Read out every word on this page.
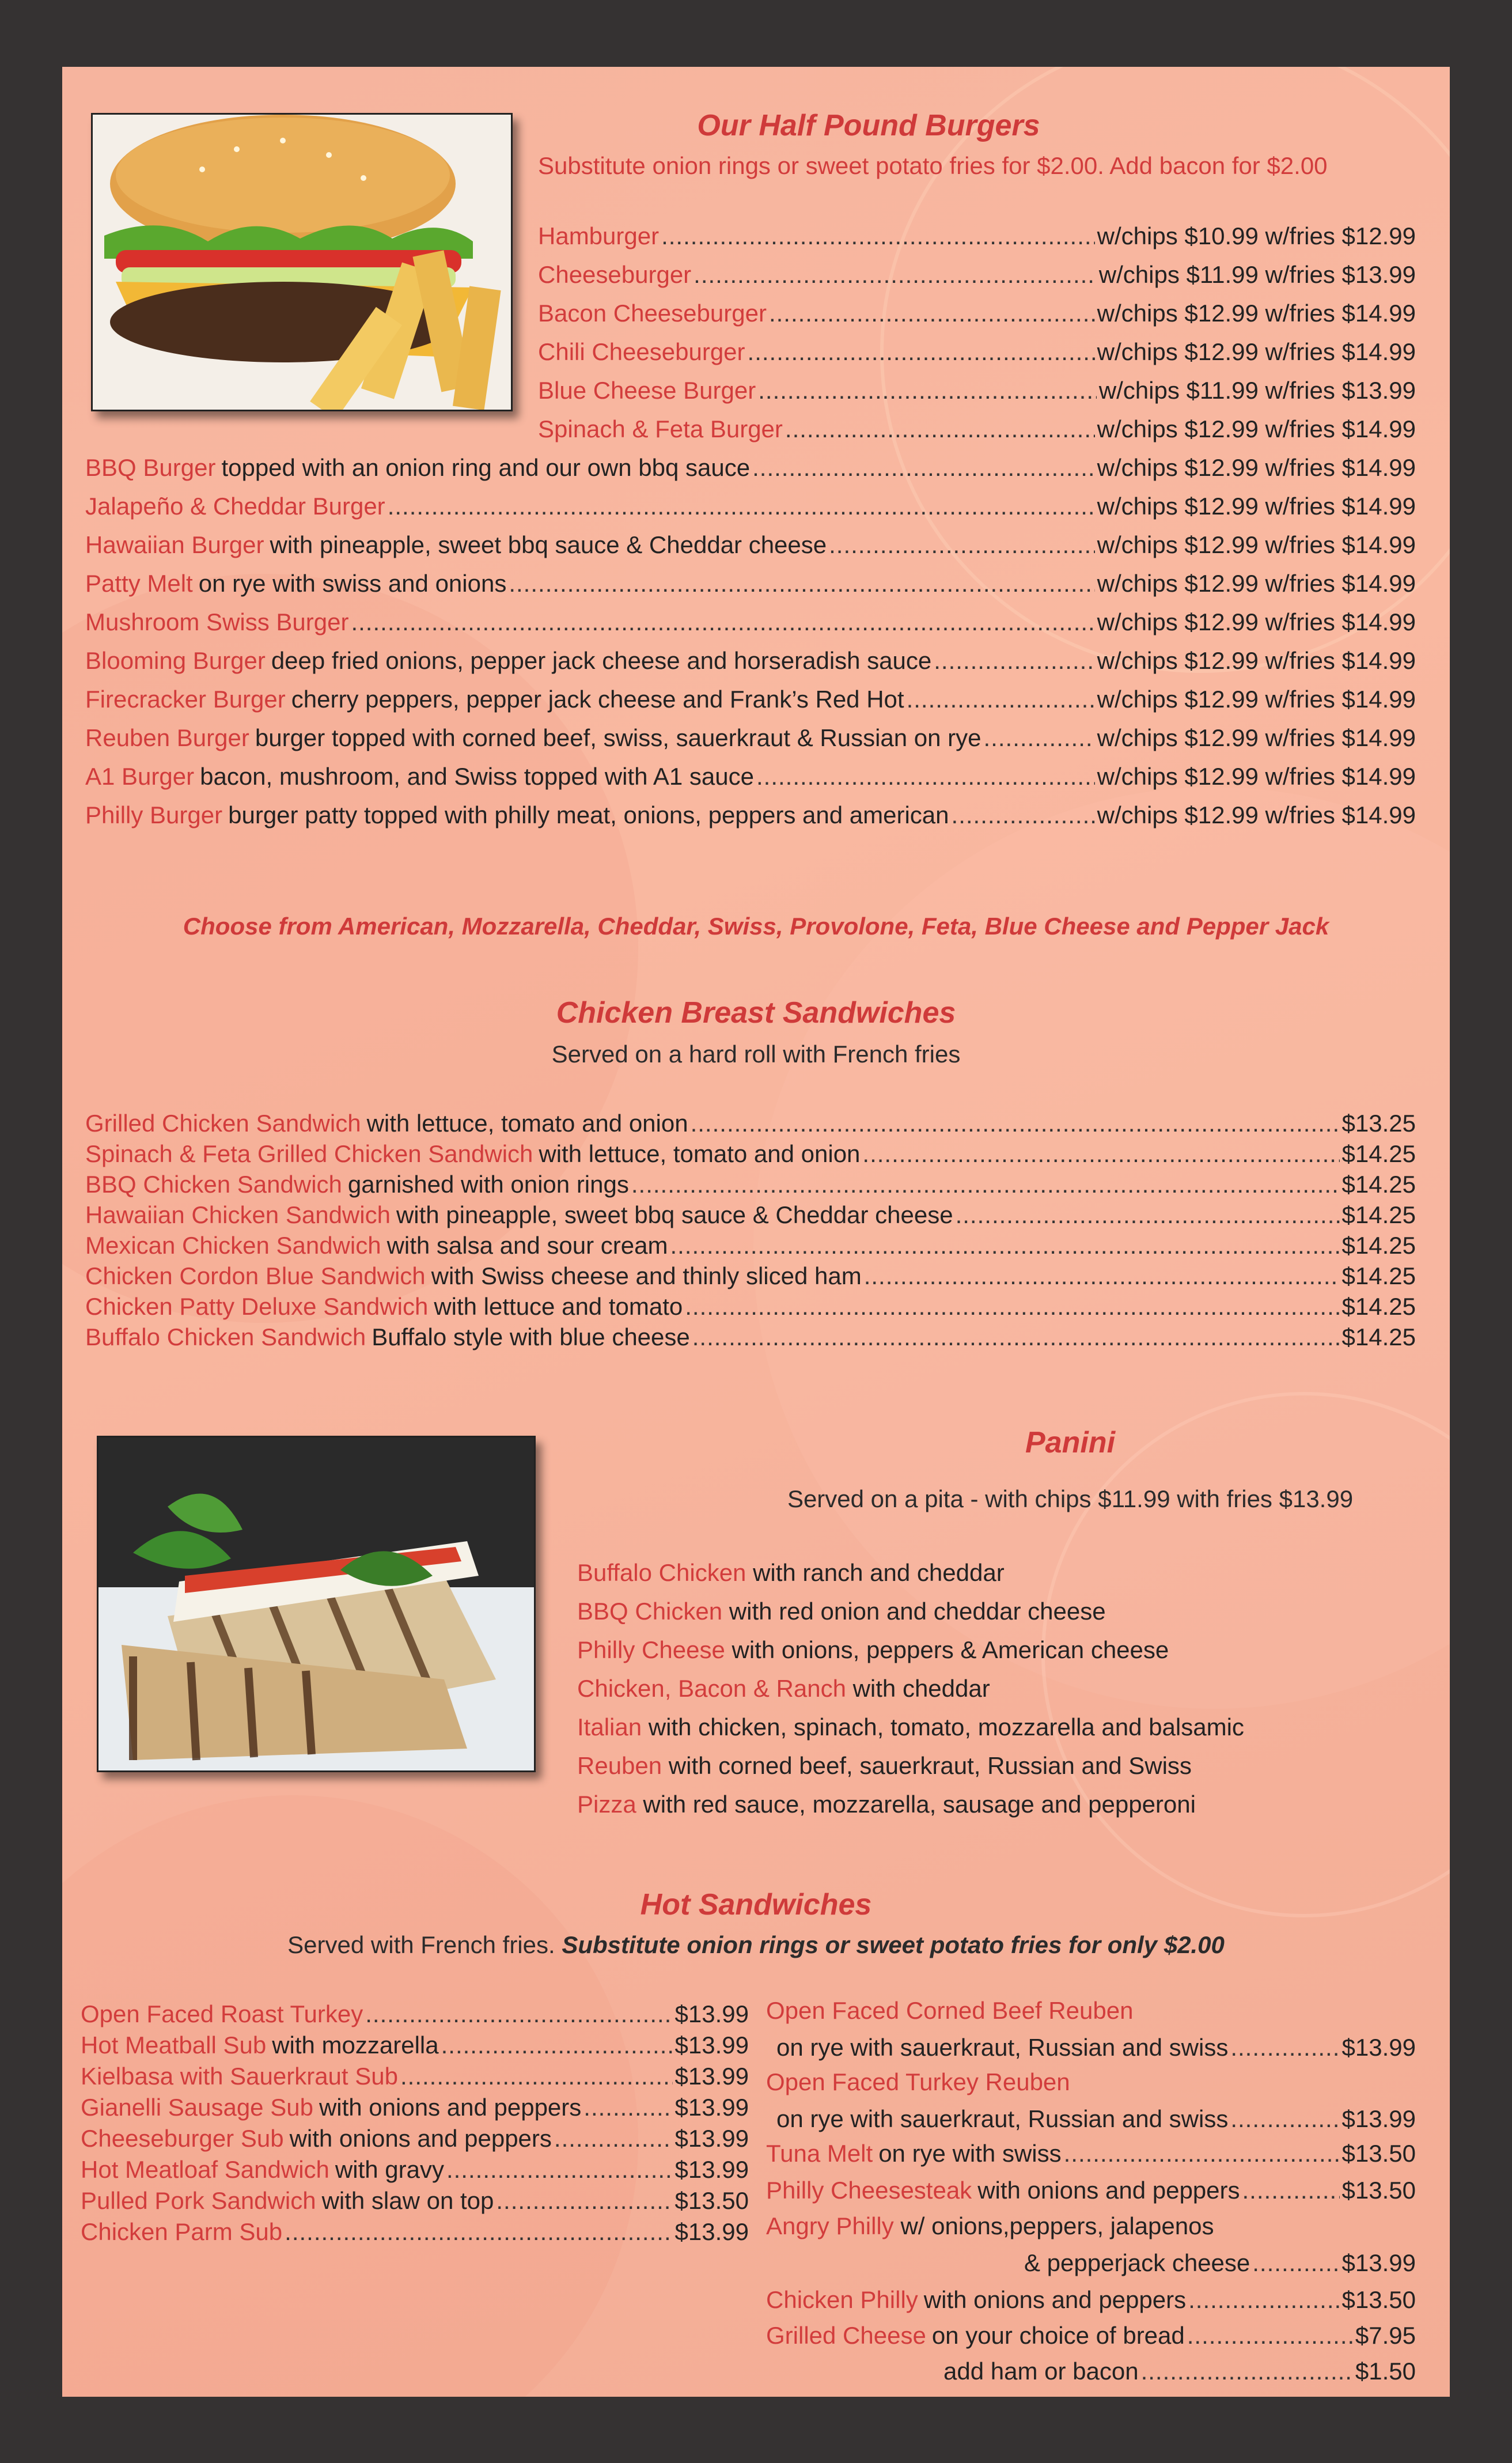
Our Half Pound Burgers
Substitute onion rings or sweet potato fries for $2.00. Add bacon for $2.00
Hamburger .....	w/chips $10.99 w/fries $12.99
Cheeseburger .....	w/chips $11.99 w/fries $13.99
Bacon Cheeseburger .....	w/chips $12.99 w/fries $14.99
Chili Cheeseburger .....	w/chips $12.99 w/fries $14.99
Blue Cheese Burger .....	w/chips $11.99 w/fries $13.99
Spinach & Feta Burger .....	w/chips $12.99 w/fries $14.99
BBQ Burger topped with an onion ring and our own bbq sauce .....	w/chips $12.99 w/fries $14.99
Jalapeño & Cheddar Burger .....	w/chips $12.99 w/fries $14.99
Hawaiian Burger with pineapple, sweet bbq sauce & Cheddar cheese .....	w/chips $12.99 w/fries $14.99
Patty Melt on rye with swiss and onions .....	w/chips $12.99 w/fries $14.99
Mushroom Swiss Burger .....	w/chips $12.99 w/fries $14.99
Blooming Burger deep fried onions, pepper jack cheese and horseradish sauce .....	w/chips $12.99 w/fries $14.99
Firecracker Burger cherry peppers, pepper jack cheese and Frank’s Red Hot .....	w/chips $12.99 w/fries $14.99
Reuben Burger burger topped with corned beef, swiss, sauerkraut & Russian on rye .....	w/chips $12.99 w/fries $14.99
A1 Burger bacon, mushroom, and Swiss topped with A1 sauce .....	w/chips $12.99 w/fries $14.99
Philly Burger burger patty topped with philly meat, onions, peppers and american .....	w/chips $12.99 w/fries $14.99
Choose from American, Mozzarella, Cheddar, Swiss, Provolone, Feta, Blue Cheese and Pepper Jack
Chicken Breast Sandwiches
Served on a hard roll with French fries
Grilled Chicken Sandwich with lettuce, tomato and onion .....	$13.25
Spinach & Feta Grilled Chicken Sandwich with lettuce, tomato and onion .....	$14.25
BBQ Chicken Sandwich garnished with onion rings .....	$14.25
Hawaiian Chicken Sandwich with pineapple, sweet bbq sauce & Cheddar cheese .....	$14.25
Mexican Chicken Sandwich with salsa and sour cream .....	$14.25
Chicken Cordon Blue Sandwich with Swiss cheese and thinly sliced ham .....	$14.25
Chicken Patty Deluxe Sandwich with lettuce and tomato .....	$14.25
Buffalo Chicken Sandwich Buffalo style with blue cheese .....	$14.25
Panini
Served on a pita - with chips $11.99 with fries $13.99
Buffalo Chicken with ranch and cheddar
BBQ Chicken with red onion and cheddar cheese
Philly Cheese with onions, peppers & American cheese
Chicken, Bacon & Ranch with cheddar
Italian with chicken, spinach, tomato, mozzarella and balsamic
Reuben with corned beef, sauerkraut, Russian and Swiss
Pizza with red sauce, mozzarella, sausage and pepperoni
Hot Sandwiches
Served with French fries. Substitute onion rings or sweet potato fries for only $2.00
Open Faced Roast Turkey .....	$13.99
Hot Meatball Sub with mozzarella .....	$13.99
Kielbasa with Sauerkraut Sub .....	$13.99
Gianelli Sausage Sub with onions and peppers .....	$13.99
Cheeseburger Sub with onions and peppers .....	$13.99
Hot Meatloaf Sandwich with gravy .....	$13.99
Pulled Pork Sandwich with slaw on top .....	$13.50
Chicken Parm Sub .....	$13.99
Open Faced Corned Beef Reuben
on rye with sauerkraut, Russian and swiss .....	$13.99
Open Faced Turkey Reuben
on rye with sauerkraut, Russian and swiss .....	$13.99
Tuna Melt on rye with swiss .....	$13.50
Philly Cheesesteak with onions and peppers .....	$13.50
Angry Philly w/ onions,peppers, jalapenos
& pepperjack cheese .....	$13.99
Chicken Philly with onions and peppers .....	$13.50
Grilled Cheese on your choice of bread .....	$7.95
add ham or bacon .....	$1.50
